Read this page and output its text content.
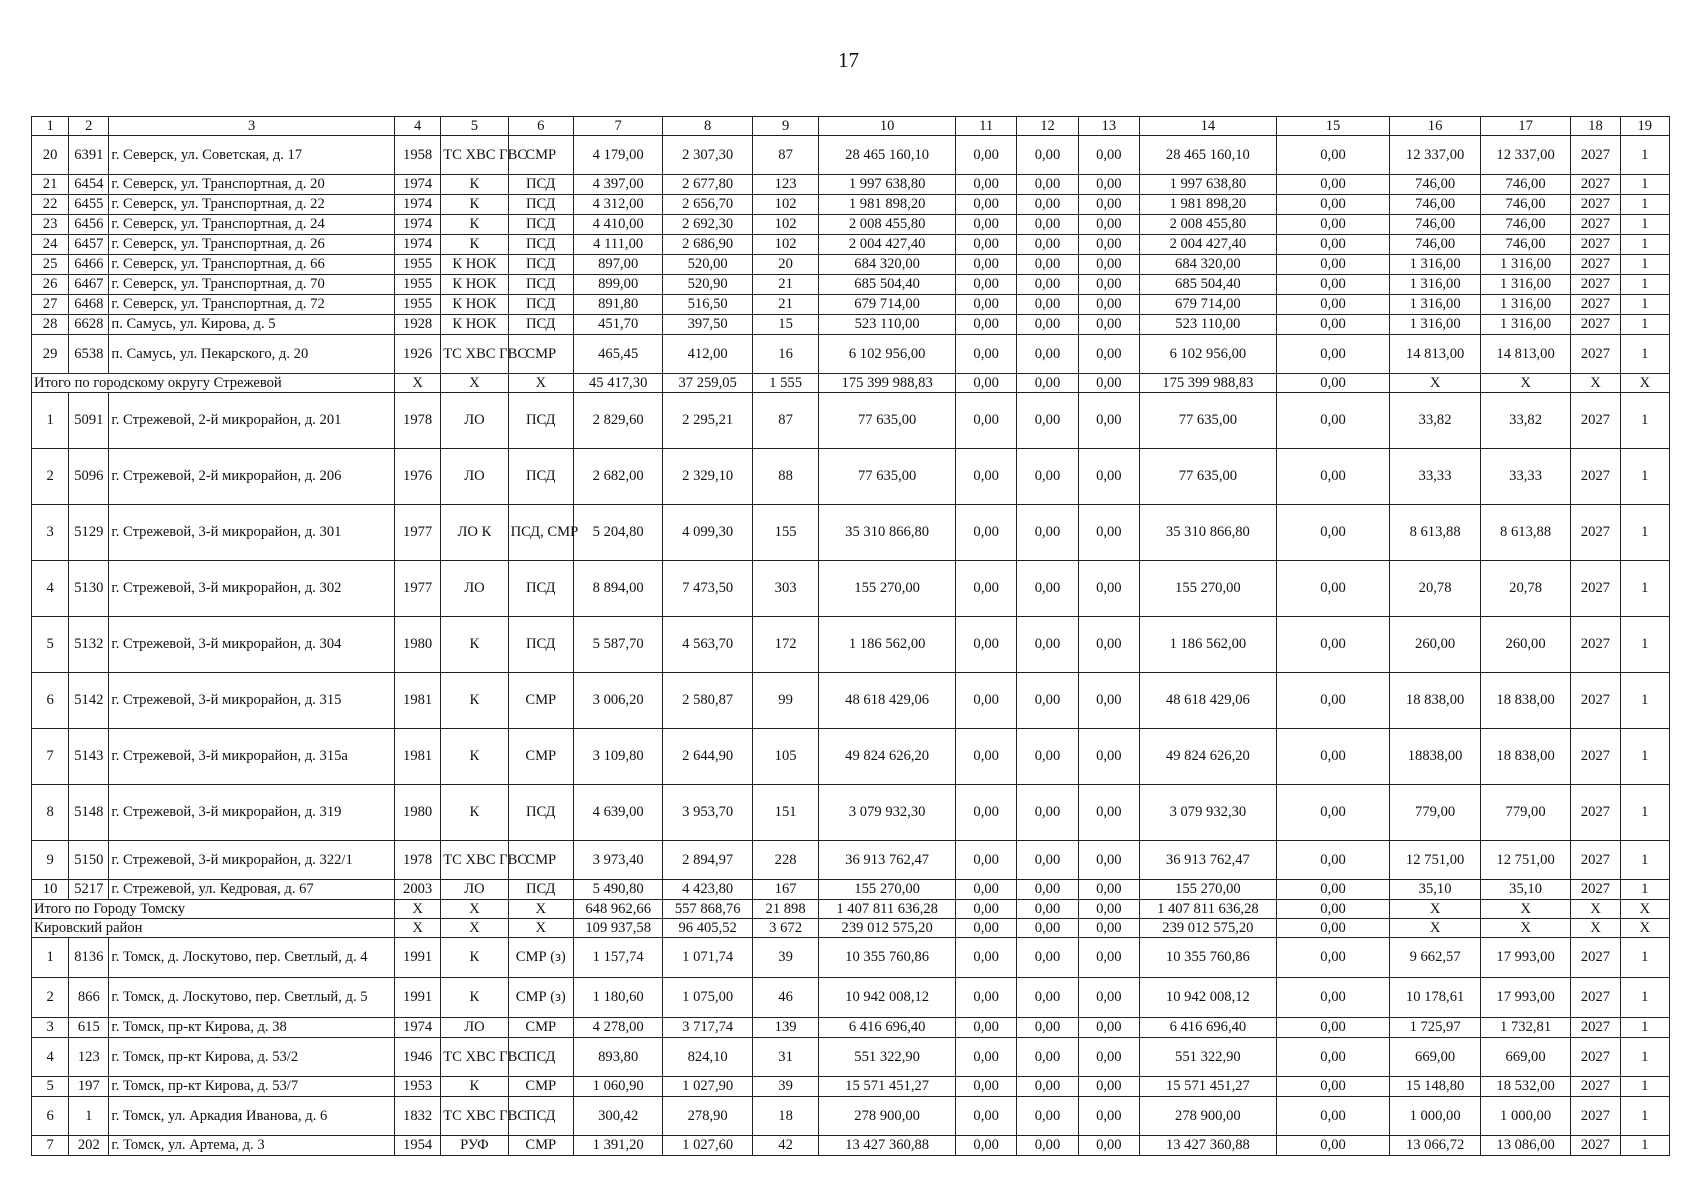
17
1	2	3	4	5	6	7	8	9	10	11	12	13	14	15	16	17	18	19
20	6391	г. Северск, ул. Советская, д. 17	1958	ТС ХВС ГВС	СМР	4 179,00	2 307,30	87	28 465 160,10	0,00	0,00	0,00	28 465 160,10	0,00	12 337,00	12 337,00	2027	1
21	6454	г. Северск, ул. Транспортная, д. 20	1974	К	ПСД	4 397,00	2 677,80	123	1 997 638,80	0,00	0,00	0,00	1 997 638,80	0,00	746,00	746,00	2027	1
22	6455	г. Северск, ул. Транспортная, д. 22	1974	К	ПСД	4 312,00	2 656,70	102	1 981 898,20	0,00	0,00	0,00	1 981 898,20	0,00	746,00	746,00	2027	1
23	6456	г. Северск, ул. Транспортная, д. 24	1974	К	ПСД	4 410,00	2 692,30	102	2 008 455,80	0,00	0,00	0,00	2 008 455,80	0,00	746,00	746,00	2027	1
24	6457	г. Северск, ул. Транспортная, д. 26	1974	К	ПСД	4 111,00	2 686,90	102	2 004 427,40	0,00	0,00	0,00	2 004 427,40	0,00	746,00	746,00	2027	1
25	6466	г. Северск, ул. Транспортная, д. 66	1955	К НОК	ПСД	897,00	520,00	20	684 320,00	0,00	0,00	0,00	684 320,00	0,00	1 316,00	1 316,00	2027	1
26	6467	г. Северск, ул. Транспортная, д. 70	1955	К НОК	ПСД	899,00	520,90	21	685 504,40	0,00	0,00	0,00	685 504,40	0,00	1 316,00	1 316,00	2027	1
27	6468	г. Северск, ул. Транспортная, д. 72	1955	К НОК	ПСД	891,80	516,50	21	679 714,00	0,00	0,00	0,00	679 714,00	0,00	1 316,00	1 316,00	2027	1
28	6628	п. Самусь, ул. Кирова, д. 5	1928	К НОК	ПСД	451,70	397,50	15	523 110,00	0,00	0,00	0,00	523 110,00	0,00	1 316,00	1 316,00	2027	1
29	6538	п. Самусь, ул. Пекарского, д. 20	1926	ТС ХВС ГВС	СМР	465,45	412,00	16	6 102 956,00	0,00	0,00	0,00	6 102 956,00	0,00	14 813,00	14 813,00	2027	1
Итого по городскому округу Стрежевой			Х	Х	Х	45 417,30	37 259,05	1 555	175 399 988,83	0,00	0,00	0,00	175 399 988,83	0,00	Х	Х	Х	Х
1	5091	г. Стрежевой, 2-й микрорайон, д. 201	1978	ЛО	ПСД	2 829,60	2 295,21	87	77 635,00	0,00	0,00	0,00	77 635,00	0,00	33,82	33,82	2027	1
2	5096	г. Стрежевой, 2-й микрорайон, д. 206	1976	ЛО	ПСД	2 682,00	2 329,10	88	77 635,00	0,00	0,00	0,00	77 635,00	0,00	33,33	33,33	2027	1
3	5129	г. Стрежевой, 3-й микрорайон, д. 301	1977	ЛО К	ПСД, СМР	5 204,80	4 099,30	155	35 310 866,80	0,00	0,00	0,00	35 310 866,80	0,00	8 613,88	8 613,88	2027	1
4	5130	г. Стрежевой, 3-й микрорайон, д. 302	1977	ЛО	ПСД	8 894,00	7 473,50	303	155 270,00	0,00	0,00	0,00	155 270,00	0,00	20,78	20,78	2027	1
5	5132	г. Стрежевой, 3-й микрорайон, д. 304	1980	К	ПСД	5 587,70	4 563,70	172	1 186 562,00	0,00	0,00	0,00	1 186 562,00	0,00	260,00	260,00	2027	1
6	5142	г. Стрежевой, 3-й микрорайон, д. 315	1981	К	СМР	3 006,20	2 580,87	99	48 618 429,06	0,00	0,00	0,00	48 618 429,06	0,00	18 838,00	18 838,00	2027	1
7	5143	г. Стрежевой, 3-й микрорайон, д. 315а	1981	К	СМР	3 109,80	2 644,90	105	49 824 626,20	0,00	0,00	0,00	49 824 626,20	0,00	18838,00	18 838,00	2027	1
8	5148	г. Стрежевой, 3-й микрорайон, д. 319	1980	К	ПСД	4 639,00	3 953,70	151	3 079 932,30	0,00	0,00	0,00	3 079 932,30	0,00	779,00	779,00	2027	1
9	5150	г. Стрежевой, 3-й микрорайон, д. 322/1	1978	ТС ХВС ГВС	СМР	3 973,40	2 894,97	228	36 913 762,47	0,00	0,00	0,00	36 913 762,47	0,00	12 751,00	12 751,00	2027	1
10	5217	г. Стрежевой, ул. Кедровая, д. 67	2003	ЛО	ПСД	5 490,80	4 423,80	167	155 270,00	0,00	0,00	0,00	155 270,00	0,00	35,10	35,10	2027	1
Итого по Городу Томску			Х	Х	Х	648 962,66	557 868,76	21 898	1 407 811 636,28	0,00	0,00	0,00	1 407 811 636,28	0,00	Х	Х	Х	Х
Кировский район			Х	Х	Х	109 937,58	96 405,52	3 672	239 012 575,20	0,00	0,00	0,00	239 012 575,20	0,00	Х	Х	Х	Х
1	8136	г. Томск, д. Лоскутово, пер. Светлый, д. 4	1991	К	СМР (з)	1 157,74	1 071,74	39	10 355 760,86	0,00	0,00	0,00	10 355 760,86	0,00	9 662,57	17 993,00	2027	1
2	866	г. Томск, д. Лоскутово, пер. Светлый, д. 5	1991	К	СМР (з)	1 180,60	1 075,00	46	10 942 008,12	0,00	0,00	0,00	10 942 008,12	0,00	10 178,61	17 993,00	2027	1
3	615	г. Томск, пр-кт Кирова, д. 38	1974	ЛО	СМР	4 278,00	3 717,74	139	6 416 696,40	0,00	0,00	0,00	6 416 696,40	0,00	1 725,97	1 732,81	2027	1
4	123	г. Томск, пр-кт Кирова, д. 53/2	1946	ТС ХВС ГВС	ПСД	893,80	824,10	31	551 322,90	0,00	0,00	0,00	551 322,90	0,00	669,00	669,00	2027	1
5	197	г. Томск, пр-кт Кирова, д. 53/7	1953	К	СМР	1 060,90	1 027,90	39	15 571 451,27	0,00	0,00	0,00	15 571 451,27	0,00	15 148,80	18 532,00	2027	1
6	1	г. Томск, ул. Аркадия Иванова, д. 6	1832	ТС ХВС ГВС	ПСД	300,42	278,90	18	278 900,00	0,00	0,00	0,00	278 900,00	0,00	1 000,00	1 000,00	2027	1
7	202	г. Томск, ул. Артема, д. 3	1954	РУФ	СМР	1 391,20	1 027,60	42	13 427 360,88	0,00	0,00	0,00	13 427 360,88	0,00	13 066,72	13 086,00	2027	1
